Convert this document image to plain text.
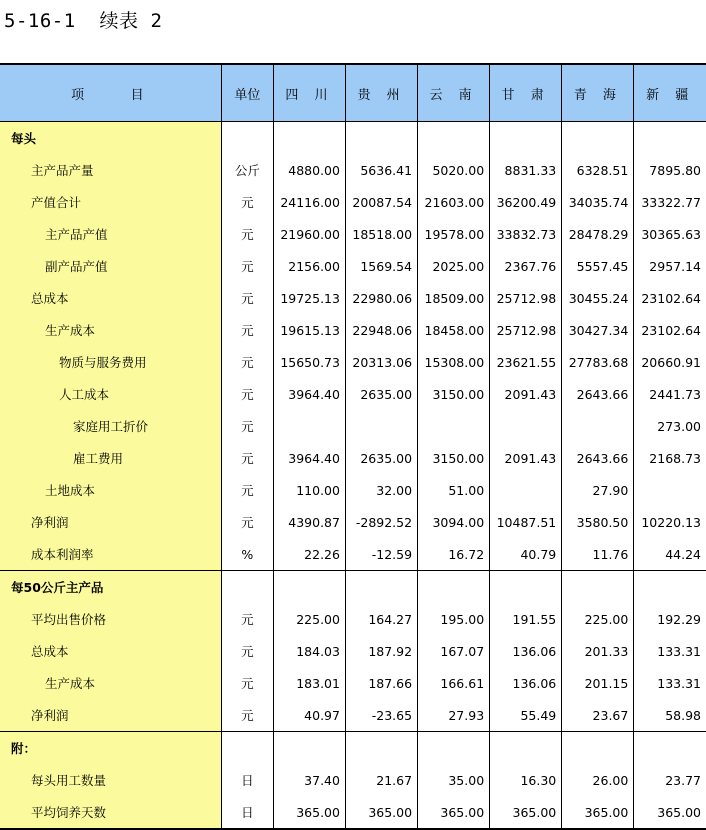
5-16-1  续表 2
项    目	单位	四 川	贵 州	云 南	甘 肃	青 海	新 疆
每头							
主产品产量	公斤	4880.00	5636.41	5020.00	8831.33	6328.51	7895.80
产值合计	元	24116.00	20087.54	21603.00	36200.49	34035.74	33322.77
主产品产值	元	21960.00	18518.00	19578.00	33832.73	28478.29	30365.63
副产品产值	元	2156.00	1569.54	2025.00	2367.76	5557.45	2957.14
总成本	元	19725.13	22980.06	18509.00	25712.98	30455.24	23102.64
生产成本	元	19615.13	22948.06	18458.00	25712.98	30427.34	23102.64
物质与服务费用	元	15650.73	20313.06	15308.00	23621.55	27783.68	20660.91
人工成本	元	3964.40	2635.00	3150.00	2091.43	2643.66	2441.73
家庭用工折价	元						273.00
雇工费用	元	3964.40	2635.00	3150.00	2091.43	2643.66	2168.73
土地成本	元	110.00	32.00	51.00		27.90	
净利润	元	4390.87	-2892.52	3094.00	10487.51	3580.50	10220.13
成本利润率	%	22.26	-12.59	16.72	40.79	11.76	44.24
每50公斤主产品							
平均出售价格	元	225.00	164.27	195.00	191.55	225.00	192.29
总成本	元	184.03	187.92	167.07	136.06	201.33	133.31
生产成本	元	183.01	187.66	166.61	136.06	201.15	133.31
净利润	元	40.97	-23.65	27.93	55.49	23.67	58.98
附：							
每头用工数量	日	37.40	21.67	35.00	16.30	26.00	23.77
平均饲养天数	日	365.00	365.00	365.00	365.00	365.00	365.00
